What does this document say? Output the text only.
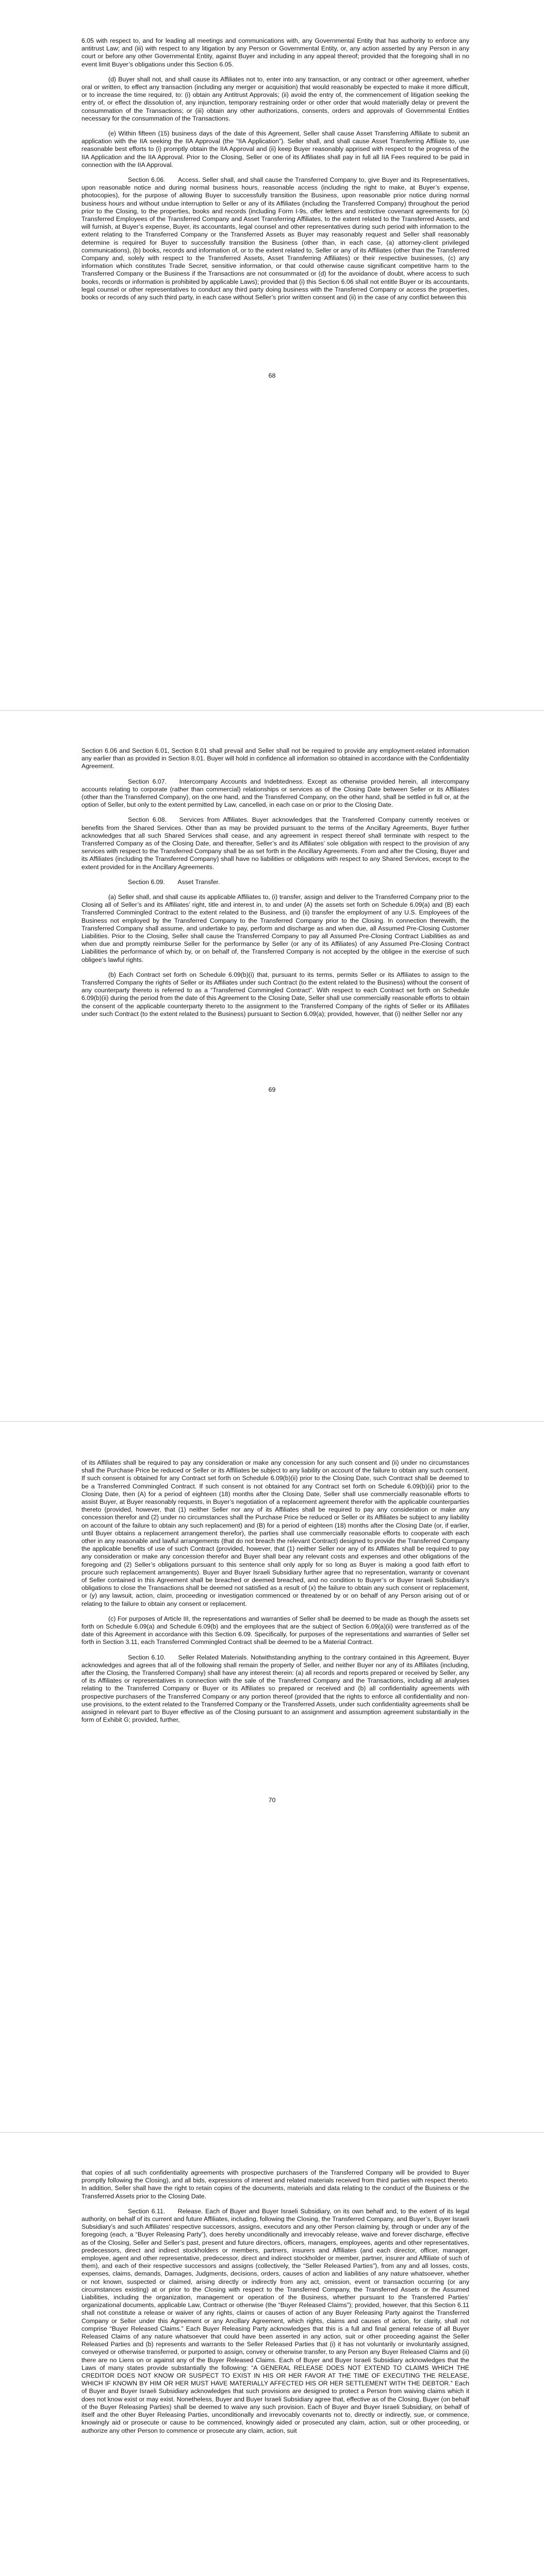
6.05 with respect to, and for leading all meetings and communications with, any Governmental Entity that has authority to enforce any antitrust Law; and (iii) with respect to any litigation by any Person or Governmental Entity, or, any action asserted by any Person in any court or before any other Governmental Entity, against Buyer and including in any appeal thereof; provided that the foregoing shall in no event limit Buyer’s obligations under this Section 6.05.

(d) Buyer shall not, and shall cause its Affiliates not to, enter into any transaction, or any contract or other agreement, whether oral or written, to effect any transaction (including any merger or acquisition) that would reasonably be expected to make it more difficult, or to increase the time required, to: (i) obtain any Antitrust Approvals; (ii) avoid the entry of, the commencement of litigation seeking the entry of, or effect the dissolution of, any injunction, temporary restraining order or other order that would materially delay or prevent the consummation of the Transactions; or (iii) obtain any other authorizations, consents, orders and approvals of Governmental Entities necessary for the consummation of the Transactions.

(e) Within fifteen (15) business days of the date of this Agreement, Seller shall cause Asset Transferring Affiliate to submit an application with the IIA seeking the IIA Approval (the “IIA Application”). Seller shall, and shall cause Asset Transferring Affiliate to, use reasonable best efforts to (i) promptly obtain the IIA Approval and (ii) keep Buyer reasonably apprised with respect to the progress of the IIA Application and the IIA Approval. Prior to the Closing, Seller or one of its Affiliates shall pay in full all IIA Fees required to be paid in connection with the IIA Approval.

Section 6.06.  Access. Seller shall, and shall cause the Transferred Company to, give Buyer and its Representatives, upon reasonable notice and during normal business hours, reasonable access (including the right to make, at Buyer’s expense, photocopies), for the purpose of allowing Buyer to successfully transition the Business, upon reasonable prior notice during normal business hours and without undue interruption to Seller or any of its Affiliates (including the Transferred Company) throughout the period prior to the Closing, to the properties, books and records (including Form I-9s, offer letters and restrictive covenant agreements for (x) Transferred Employees of the Transferred Company and Asset Transferring Affiliates, to the extent related to the Transferred Assets, and will furnish, at Buyer’s expense, Buyer, its accountants, legal counsel and other representatives during such period with information to the extent relating to the Transferred Company or the Transferred Assets as Buyer may reasonably request and Seller shall reasonably determine is required for Buyer to successfully transition the Business (other than, in each case, (a) attorney-client privileged communications), (b) books, records and information of, or to the extent related to, Seller or any of its Affiliates (other than the Transferred Company and, solely with respect to the Transferred Assets, Asset Transferring Affiliates) or their respective businesses, (c) any information which constitutes Trade Secret, sensitive information, or that could otherwise cause significant competitive harm to the Transferred Company or the Business if the Transactions are not consummated or (d) for the avoidance of doubt, where access to such books, records or information is prohibited by applicable Laws); provided that (i) this Section 6.06 shall not entitle Buyer or its accountants, legal counsel or other representatives to conduct any third party doing business with the Transferred Company or access the properties, books or records of any such third party, in each case without Seller’s prior written consent and (ii) in the case of any conflict between this

68

Section 6.06 and Section 6.01, Section 8.01 shall prevail and Seller shall not be required to provide any employment-related information any earlier than as provided in Section 8.01. Buyer will hold in confidence all information so obtained in accordance with the Confidentiality Agreement.

Section 6.07.  Intercompany Accounts and Indebtedness. Except as otherwise provided herein, all intercompany accounts relating to corporate (rather than commercial) relationships or services as of the Closing Date between Seller or its Affiliates (other than the Transferred Company), on the one hand, and the Transferred Company, on the other hand, shall be settled in full or, at the option of Seller, but only to the extent permitted by Law, cancelled, in each case on or prior to the Closing Date.

Section 6.08.  Services from Affiliates. Buyer acknowledges that the Transferred Company currently receives or benefits from the Shared Services. Other than as may be provided pursuant to the terms of the Ancillary Agreements, Buyer further acknowledges that all such Shared Services shall cease, and any agreement in respect thereof shall terminate with respect to the Transferred Company as of the Closing Date, and thereafter, Seller’s and its Affiliates’ sole obligation with respect to the provision of any services with respect to the Transferred Company shall be as set forth in the Ancillary Agreements. From and after the Closing, Buyer and its Affiliates (including the Transferred Company) shall have no liabilities or obligations with respect to any Shared Services, except to the extent provided for in the Ancillary Agreements.

Section 6.09.  Asset Transfer.

(a) Seller shall, and shall cause its applicable Affiliates to, (i) transfer, assign and deliver to the Transferred Company prior to the Closing all of Seller’s and its Affiliates’ right, title and interest in, to and under (A) the assets set forth on Schedule 6.09(a) and (B) each Transferred Commingled Contract to the extent related to the Business, and (ii) transfer the employment of any U.S. Employees of the Business not employed by the Transferred Company to the Transferred Company prior to the Closing. In connection therewith, the Transferred Company shall assume, and undertake to pay, perform and discharge as and when due, all Assumed Pre-Closing Customer Liabilities. Prior to the Closing, Seller shall cause the Transferred Company to pay all Assumed Pre-Closing Contract Liabilities as and when due and promptly reimburse Seller for the performance by Seller (or any of its Affiliates) of any Assumed Pre-Closing Contract Liabilities the performance of which by, or on behalf of, the Transferred Company is not accepted by the obligee in the exercise of such obligee’s lawful rights.

(b) Each Contract set forth on Schedule 6.09(b)(i) that, pursuant to its terms, permits Seller or its Affiliates to assign to the Transferred Company the rights of Seller or its Affiliates under such Contract (to the extent related to the Business) without the consent of any counterparty thereto is referred to as a “Transferred Commingled Contract”. With respect to each Contract set forth on Schedule 6.09(b)(ii) during the period from the date of this Agreement to the Closing Date, Seller shall use commercially reasonable efforts to obtain the consent of the applicable counterparty thereto to the assignment to the Transferred Company of the rights of Seller or its Affiliates under such Contract (to the extent related to the Business) pursuant to Section 6.09(a); provided, however, that (i) neither Seller nor any

69

of its Affiliates shall be required to pay any consideration or make any concession for any such consent and (ii) under no circumstances shall the Purchase Price be reduced or Seller or its Affiliates be subject to any liability on account of the failure to obtain any such consent. If such consent is obtained for any Contract set forth on Schedule 6.09(b)(ii) prior to the Closing Date, such Contract shall be deemed to be a Transferred Commingled Contract. If such consent is not obtained for any Contract set forth on Schedule 6.09(b)(ii) prior to the Closing Date, then (A) for a period of eighteen (18) months after the Closing Date, Seller shall use commercially reasonable efforts to assist Buyer, at Buyer reasonably requests, in Buyer’s negotiation of a replacement agreement therefor with the applicable counterparties thereto (provided, however, that (1) neither Seller nor any of its Affiliates shall be required to pay any consideration or make any concession therefor and (2) under no circumstances shall the Purchase Price be reduced or Seller or its Affiliates be subject to any liability on account of the failure to obtain any such replacement) and (B) for a period of eighteen (18) months after the Closing Date (or, if earlier, until Buyer obtains a replacement arrangement therefor), the parties shall use commercially reasonable efforts to cooperate with each other in any reasonable and lawful arrangements (that do not breach the relevant Contract) designed to provide the Transferred Company the applicable benefits of use of such Contract (provided, however, that (1) neither Seller nor any of its Affiliates shall be required to pay any consideration or make any concession therefor and Buyer shall bear any relevant costs and expenses and other obligations of the foregoing and (2) Seller’s obligations pursuant to this sentence shall only apply for so long as Buyer is making a good faith effort to procure such replacement arrangements). Buyer and Buyer Israeli Subsidiary further agree that no representation, warranty or covenant of Seller contained in this Agreement shall be breached or deemed breached, and no condition to Buyer’s or Buyer Israeli Subsidiary’s obligations to close the Transactions shall be deemed not satisfied as a result of (x) the failure to obtain any such consent or replacement, or (y) any lawsuit, action, claim, proceeding or investigation commenced or threatened by or on behalf of any Person arising out of or relating to the failure to obtain any consent or replacement.

(c) For purposes of Article III, the representations and warranties of Seller shall be deemed to be made as though the assets set forth on Schedule 6.09(a) and Schedule 6.09(b) and the employees that are the subject of Section 6.09(a)(ii) were transferred as of the date of this Agreement in accordance with this Section 6.09. Specifically, for purposes of the representations and warranties of Seller set forth in Section 3.11, each Transferred Commingled Contract shall be deemed to be a Material Contract.

Section 6.10.  Seller Related Materials. Notwithstanding anything to the contrary contained in this Agreement, Buyer acknowledges and agrees that all of the following shall remain the property of Seller, and neither Buyer nor any of its Affiliates (including, after the Closing, the Transferred Company) shall have any interest therein: (a) all records and reports prepared or received by Seller, any of its Affiliates or representatives in connection with the sale of the Transferred Company and the Transactions, including all analyses relating to the Transferred Company or Buyer or its Affiliates so prepared or received and (b) all confidentiality agreements with prospective purchasers of the Transferred Company or any portion thereof (provided that the rights to enforce all confidentiality and non-use provisions, to the extent related to the Transferred Company or the Transferred Assets, under such confidentiality agreements shall be assigned in relevant part to Buyer effective as of the Closing pursuant to an assignment and assumption agreement substantially in the form of Exhibit G; provided, further,

70

that copies of all such confidentiality agreements with prospective purchasers of the Transferred Company will be provided to Buyer promptly following the Closing), and all bids, expressions of interest and related materials received from third parties with respect thereto. In addition, Seller shall have the right to retain copies of the documents, materials and data relating to the conduct of the Business or the Transferred Assets prior to the Closing Date.

Section 6.11.  Release. Each of Buyer and Buyer Israeli Subsidiary, on its own behalf and, to the extent of its legal authority, on behalf of its current and future Affiliates, including, following the Closing, the Transferred Company, and Buyer’s, Buyer Israeli Subsidiary’s and such Affiliates’ respective successors, assigns, executors and any other Person claiming by, through or under any of the foregoing (each, a “Buyer Releasing Party”), does hereby unconditionally and irrevocably release, waive and forever discharge, effective as of the Closing, Seller and Seller’s past, present and future directors, officers, managers, employees, agents and other representatives, predecessors, direct and indirect stockholders or members, partners, insurers and Affiliates (and each director, officer, manager, employee, agent and other representative, predecessor, direct and indirect stockholder or member, partner, insurer and Affiliate of such of them), and each of their respective successors and assigns (collectively, the “Seller Released Parties”), from any and all losses, costs, expenses, claims, demands, Damages, Judgments, decisions, orders, causes of action and liabilities of any nature whatsoever, whether or not known, suspected or claimed, arising directly or indirectly from any act, omission, event or transaction occurring (or any circumstances existing) at or prior to the Closing with respect to the Transferred Company, the Transferred Assets or the Assumed Liabilities, including the organization, management or operation of the Business, whether pursuant to the Transferred Parties’ organizational documents, applicable Law, Contract or otherwise (the “Buyer Released Claims”); provided, however, that this Section 6.11 shall not constitute a release or waiver of any rights, claims or causes of action of any Buyer Releasing Party against the Transferred Company or Seller under this Agreement or any Ancillary Agreement, which rights, claims and causes of action, for clarity, shall not comprise “Buyer Released Claims.” Each Buyer Releasing Party acknowledges that this is a full and final general release of all Buyer Released Claims of any nature whatsoever that could have been asserted in any action, suit or other proceeding against the Seller Released Parties and (b) represents and warrants to the Seller Released Parties that (i) it has not voluntarily or involuntarily assigned, conveyed or otherwise transferred, or purported to assign, convey or otherwise transfer, to any Person any Buyer Released Claims and (ii) there are no Liens on or against any of the Buyer Released Claims. Each of Buyer and Buyer Israeli Subsidiary acknowledges that the Laws of many states provide substantially the following: “A GENERAL RELEASE DOES NOT EXTEND TO CLAIMS WHICH THE CREDITOR DOES NOT KNOW OR SUSPECT TO EXIST IN HIS OR HER FAVOR AT THE TIME OF EXECUTING THE RELEASE, WHICH IF KNOWN BY HIM OR HER MUST HAVE MATERIALLY AFFECTED HIS OR HER SETTLEMENT WITH THE DEBTOR.” Each of Buyer and Buyer Israeli Subsidiary acknowledges that such provisions are designed to protect a Person from waiving claims which it does not know exist or may exist. Nonetheless, Buyer and Buyer Israeli Subsidiary agree that, effective as of the Closing, Buyer (on behalf of the Buyer Releasing Parties) shall be deemed to waive any such provision. Each of Buyer and Buyer Israeli Subsidiary, on behalf of itself and the other Buyer Releasing Parties, unconditionally and irrevocably covenants not to, directly or indirectly, sue, or commence, knowingly aid or prosecute or cause to be commenced, knowingly aided or prosecuted any claim, action, suit or other proceeding, or authorize any other Person to commence or prosecute any claim, action, suit
